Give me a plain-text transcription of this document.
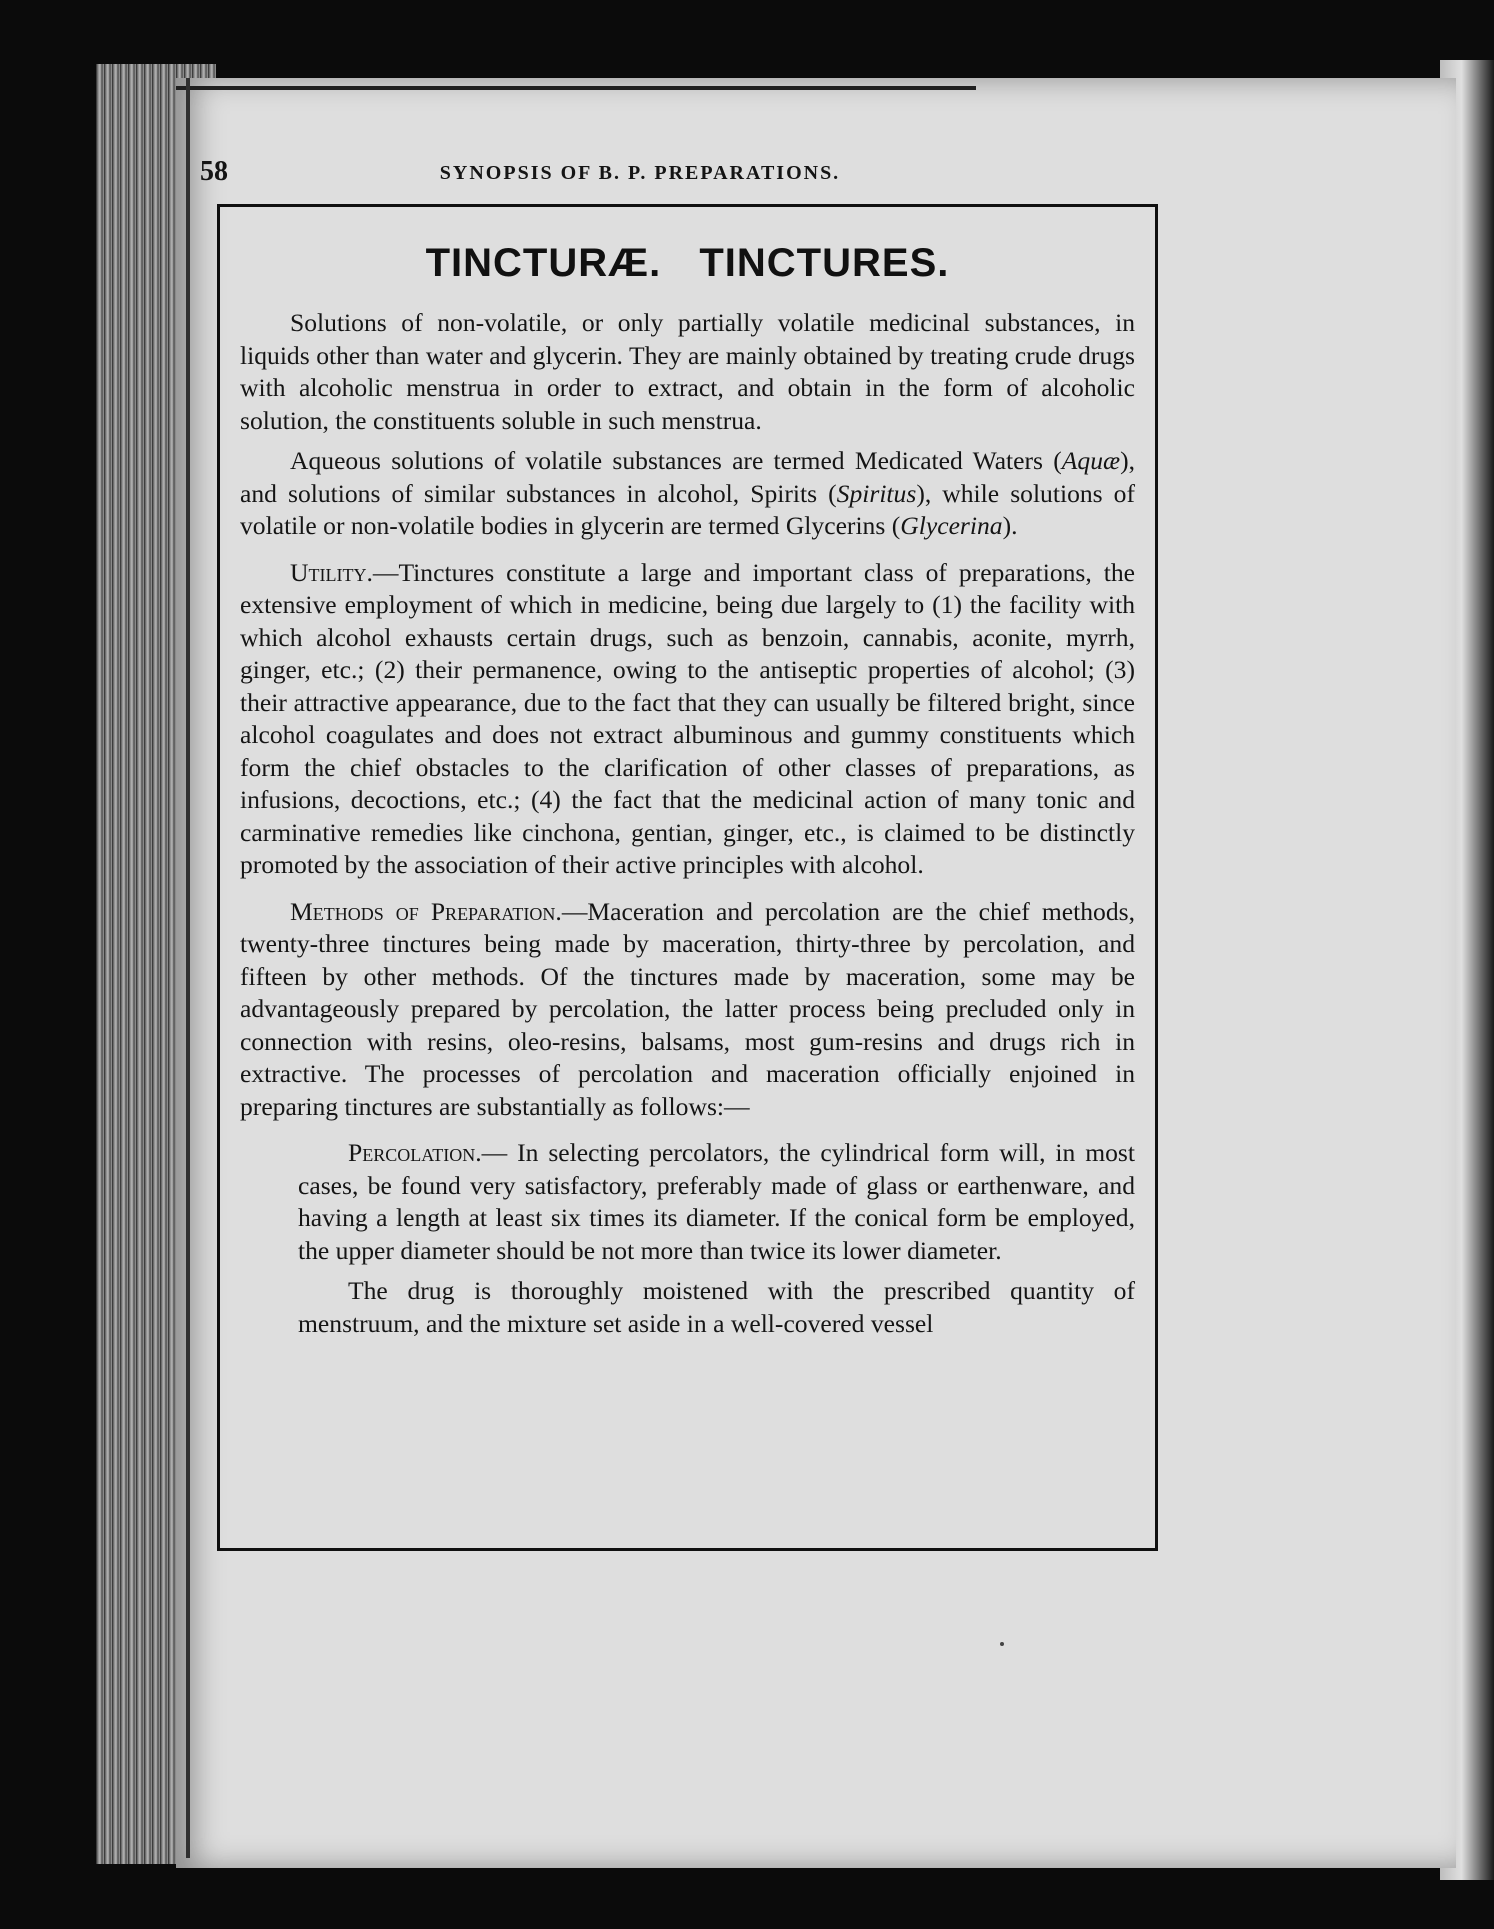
58	SYNOPSIS OF B. P. PREPARATIONS.
TINCTURÆ. TINCTURES.

Solutions of non-volatile, or only partially volatile medicinal substances, in liquids other than water and glycerin. They are mainly obtained by treating crude drugs with alcoholic menstrua in order to extract, and obtain in the form of alcoholic solution, the constituents soluble in such menstrua.

Aqueous solutions of volatile substances are termed Medicated Waters (Aquæ), and solutions of similar substances in alcohol, Spirits (Spiritus), while solutions of volatile or non-volatile bodies in glycerin are termed Glycerins (Glycerina).

Utility.—Tinctures constitute a large and important class of preparations, the extensive employment of which in medicine, being due largely to (1) the facility with which alcohol exhausts certain drugs, such as benzoin, cannabis, aconite, myrrh, ginger, etc.; (2) their permanence, owing to the antiseptic properties of alcohol; (3) their attractive appearance, due to the fact that they can usually be filtered bright, since alcohol coagulates and does not extract albuminous and gummy constituents which form the chief obstacles to the clarification of other classes of preparations, as infusions, decoctions, etc.; (4) the fact that the medicinal action of many tonic and carminative remedies like cinchona, gentian, ginger, etc., is claimed to be distinctly promoted by the association of their active principles with alcohol.

Methods of Preparation.—Maceration and percolation are the chief methods, twenty-three tinctures being made by maceration, thirty-three by percolation, and fifteen by other methods. Of the tinctures made by maceration, some may be advantageously prepared by percolation, the latter process being precluded only in connection with resins, oleo-resins, balsams, most gum-resins and drugs rich in extractive. The processes of percolation and maceration officially enjoined in preparing tinctures are substantially as follows:—

Percolation.— In selecting percolators, the cylindrical form will, in most cases, be found very satisfactory, preferably made of glass or earthenware, and having a length at least six times its diameter. If the conical form be employed, the upper diameter should be not more than twice its lower diameter.

The drug is thoroughly moistened with the prescribed quantity of menstruum, and the mixture set aside in a well-covered vessel
